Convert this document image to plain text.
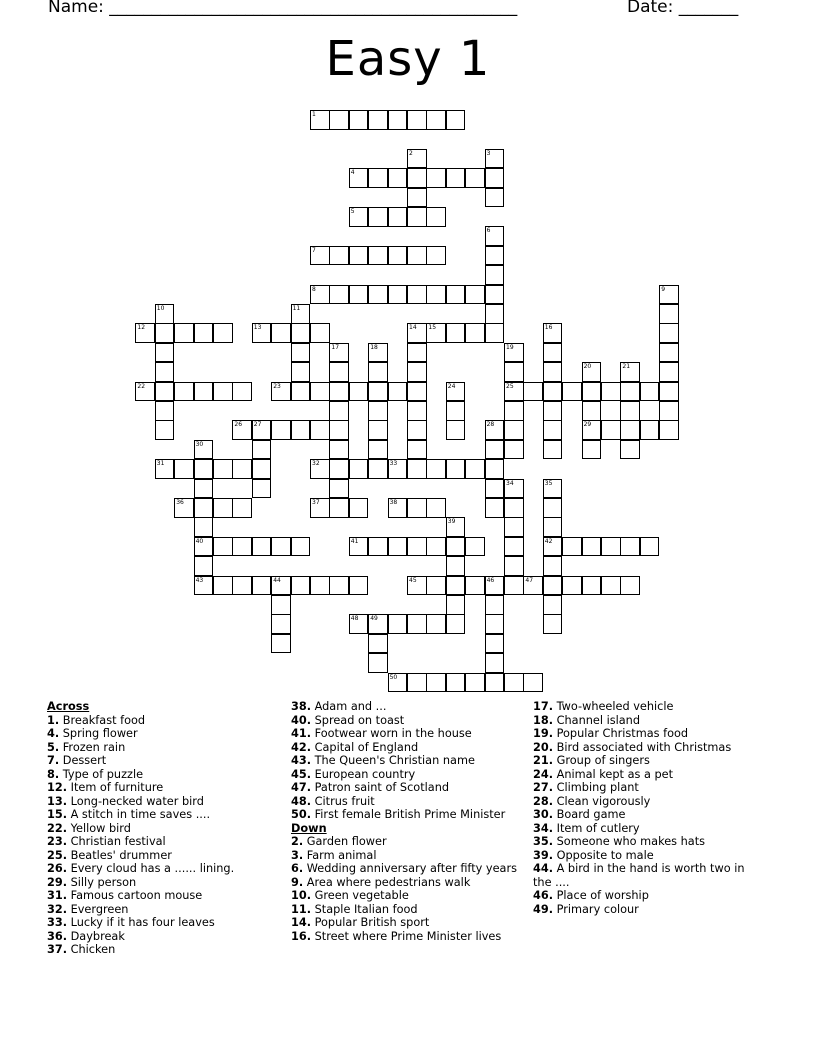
Name: ________________________________________________	Date: _______
Easy 1
1
4
5
7
8
12	13	15
22	23	25
26 27	29
31	32	33
36	37	38
40	41	42
43	44	45	46	47
48 49
50
2	3
6
9
10	11
14	16
17	18	19
20	21
24
28
30
34	35
39
Across
1. Breakfast food
4. Spring flower
5. Frozen rain
7. Dessert
8. Type of puzzle
12. Item of furniture
13. Long-necked water bird
15. A stitch in time saves ....
22. Yellow bird
23. Christian festival
25. Beatles' drummer
26. Every cloud has a ...... lining.
29. Silly person
31. Famous cartoon mouse
32. Evergreen
33. Lucky if it has four leaves
36. Daybreak
37. Chicken
38. Adam and ...
40. Spread on toast
41. Footwear worn in the house
42. Capital of England
43. The Queen's Christian name
45. European country
47. Patron saint of Scotland
48. Citrus fruit
50. First female British Prime Minister
Down
2. Garden flower
3. Farm animal
6. Wedding anniversary after fifty years
9. Area where pedestrians walk
10. Green vegetable
11. Staple Italian food
14. Popular British sport
16. Street where Prime Minister lives
17. Two-wheeled vehicle
18. Channel island
19. Popular Christmas food
20. Bird associated with Christmas
21. Group of singers
24. Animal kept as a pet
27. Climbing plant
28. Clean vigorously
30. Board game
34. Item of cutlery
35. Someone who makes hats
39. Opposite to male
44. A bird in the hand is worth two in the ....
46. Place of worship
49. Primary colour
